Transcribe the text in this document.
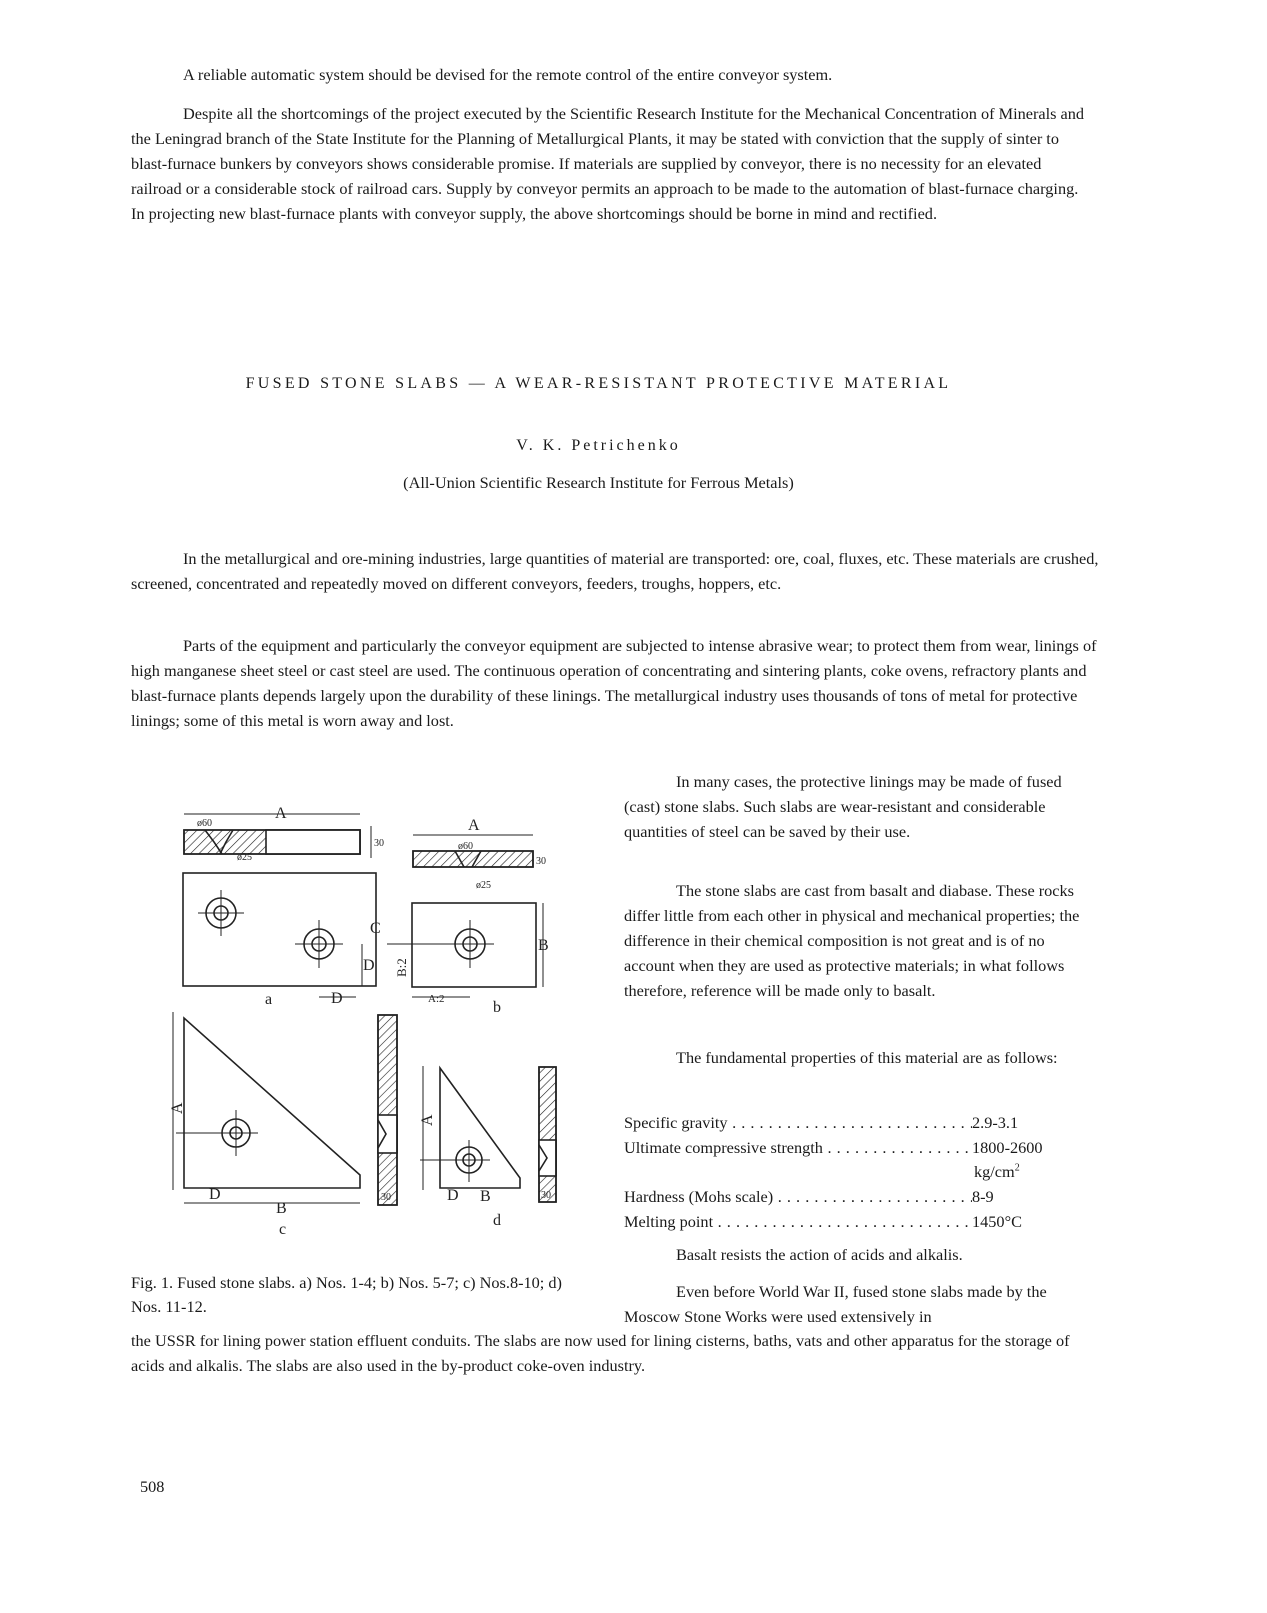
A reliable automatic system should be devised for the remote control of the entire conveyor system.

Despite all the shortcomings of the project executed by the Scientific Research Institute for the Mechanical Concentration of Minerals and the Leningrad branch of the State Institute for the Planning of Metallurgical Plants, it may be stated with conviction that the supply of sinter to blast-furnace bunkers by conveyors shows considerable promise. If materials are supplied by conveyor, there is no necessity for an elevated railroad or a considerable stock of railroad cars. Supply by conveyor permits an approach to be made to the automation of blast-furnace charging. In projecting new blast-furnace plants with conveyor supply, the above shortcomings should be borne in mind and rectified.

FUSED STONE SLABS — A WEAR-RESISTANT PROTECTIVE MATERIAL

V. K. Petrichenko

(All-Union Scientific Research Institute for Ferrous Metals)

In the metallurgical and ore-mining industries, large quantities of material are transported: ore, coal, fluxes, etc. These materials are crushed, screened, concentrated and repeatedly moved on different conveyors, feeders, troughs, hoppers, etc.

Parts of the equipment and particularly the conveyor equipment are subjected to intense abrasive wear; to protect them from wear, linings of high manganese sheet steel or cast steel are used. The continuous operation of concentrating and sintering plants, coke ovens, refractory plants and blast-furnace plants depends largely upon the durability of these linings. The metallurgical industry uses thousands of tons of metal for protective linings; some of this metal is worn away and lost.

In many cases, the protective linings may be made of fused (cast) stone slabs. Such slabs are wear-resistant and considerable quantities of steel can be saved by their use.

The stone slabs are cast from basalt and diabase. These rocks differ little from each other in physical and mechanical properties; the difference in their chemical composition is not great and is of no account when they are used as protective materials; in what follows therefore, reference will be made only to basalt.

The fundamental properties of this material are as follows:

Specific gravity . . .	2.9-3.1
Ultimate compressive strength . . .	1800-2600
$kg/cm^2$
Hardness (Mohs scale) . . .	8-9
Melting point . . .	1450°C

Basalt resists the action of acids and alkalis.

Even before World War II, fused stone slabs made by the Moscow Stone Works were used extensively in

the USSR for lining power station effluent conduits. The slabs are now used for lining cisterns, baths, vats and other apparatus for the storage of acids and alkalis. The slabs are also used in the by-product coke-oven industry.

Fig. 1. Fused stone slabs. a) Nos. 1-4; b) Nos. 5-7; c) Nos.8-10; d) Nos. 11-12.

508

A
ø60
ø25
30
C
D B:2
D
a
A
ø60
ø25
30
B
A:2	b
A
D
B
c
30
A
D B
d
30
